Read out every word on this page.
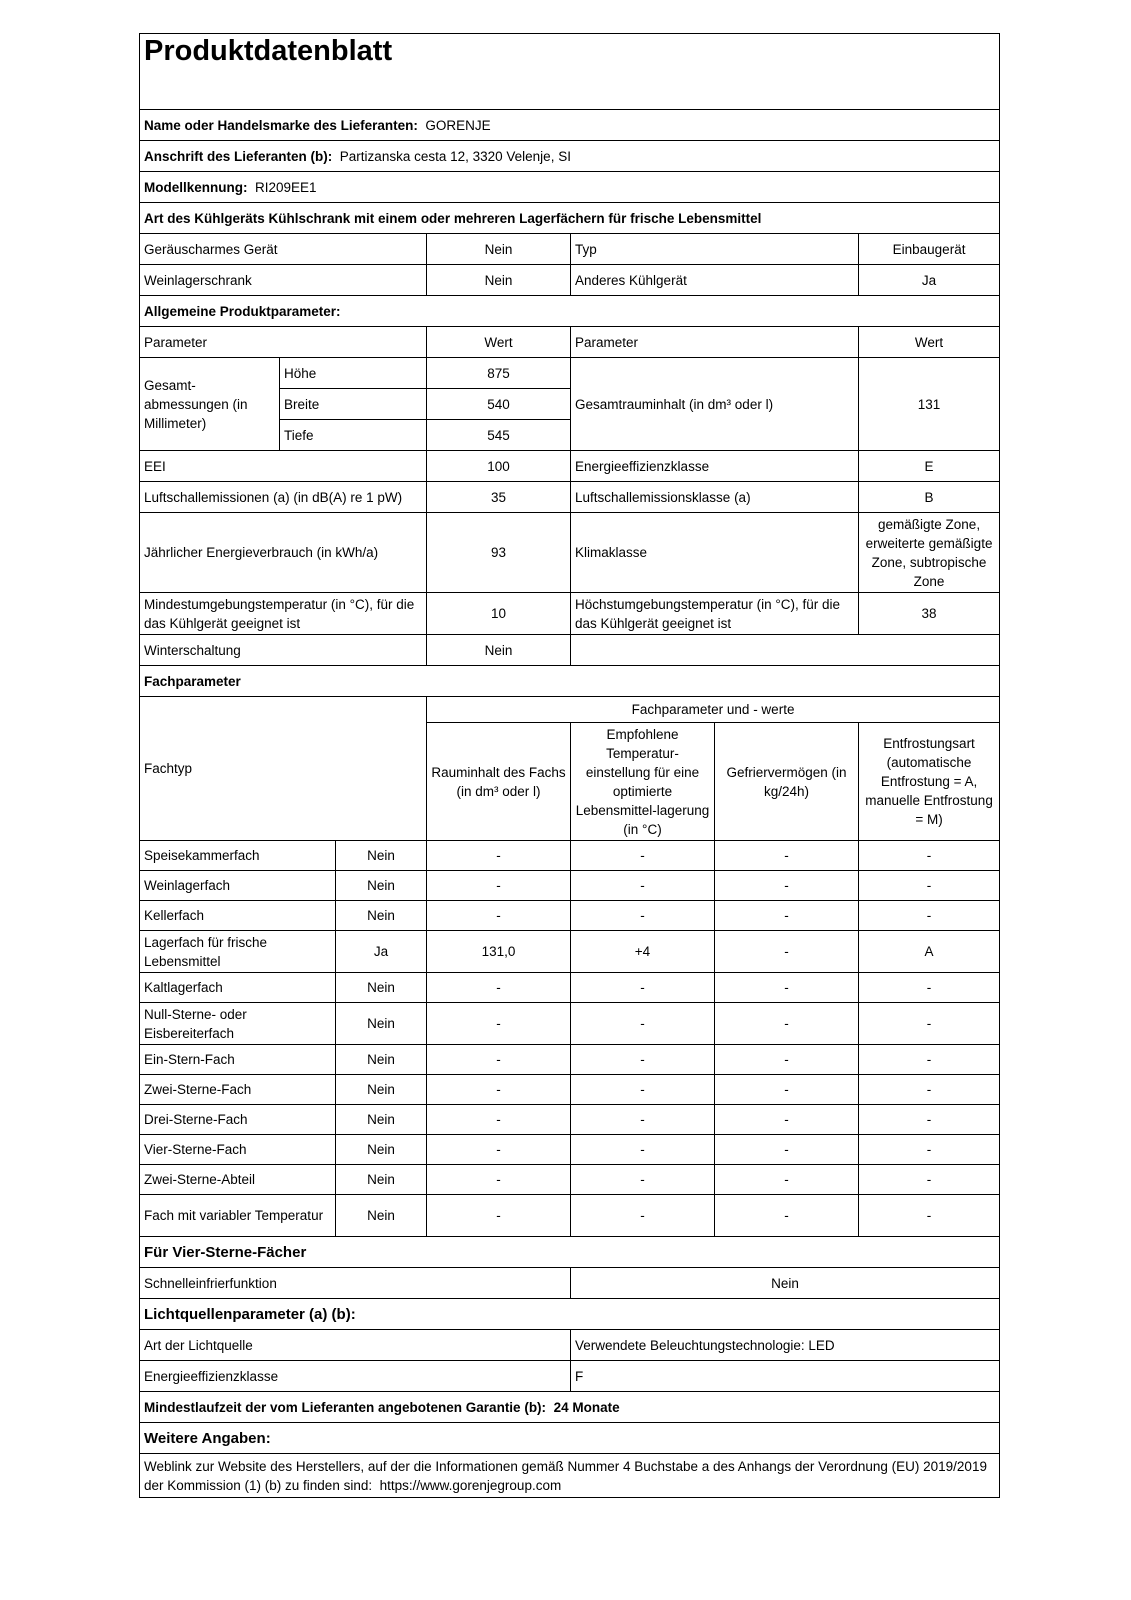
Produktdatenblatt						
Name oder Handelsmarke des Lieferanten: GORENJE						
Anschrift des Lieferanten (b): Partizanska cesta 12, 3320 Velenje, SI						
Modellkennung: RI209EE1						
Art des Kühlgeräts Kühlschrank mit einem oder mehreren Lagerfächern für frische Lebensmittel						
Geräuscharmes Gerät			Nein	Typ		Einbaugerät
Weinlagerschrank			Nein	Anderes Kühlgerät		Ja
Allgemeine Produktparameter:						
Parameter			Wert	Parameter		Wert
Gesamt-abmessungen (in Millimeter)	Höhe		875	Gesamtrauminhalt (in dm³ oder l)		131
	Breite		540			
	Tiefe		545			
EEI			100	Energieeffizienzklasse		E
Luftschallemissionen (a) (in dB(A) re 1 pW)			35	Luftschallemissionsklasse (a)		B
Jährlicher Energieverbrauch (in kWh/a)			93	Klimaklasse		gemäßigte Zone, erweiterte gemäßigte Zone, subtropische Zone
Mindestumgebungstemperatur (in °C), für die das Kühlgerät geeignet ist			10	Höchstumgebungstemperatur (in °C), für die das Kühlgerät geeignet ist		38
Winterschaltung			Nein			
Fachparameter						
Fachtyp			Fachparameter und - werte			
			Rauminhalt des Fachs (in dm³ oder l)	Empfohlene Temperatur-einstellung für eine optimierte Lebensmittel-lagerung (in °C)	Gefriervermögen (in kg/24h)	Entfrostungsart (automatische Entfrostung = A, manuelle Entfrostung = M)
Speisekammerfach		Nein	-	-	-	-
Weinlagerfach		Nein	-	-	-	-
Kellerfach		Nein	-	-	-	-
Lagerfach für frische Lebensmittel		Ja	131,0	+4	-	A
Kaltlagerfach		Nein	-	-	-	-
Null-Sterne- oder Eisbereiterfach		Nein	-	-	-	-
Ein-Stern-Fach		Nein	-	-	-	-
Zwei-Sterne-Fach		Nein	-	-	-	-
Drei-Sterne-Fach		Nein	-	-	-	-
Vier-Sterne-Fach		Nein	-	-	-	-
Zwei-Sterne-Abteil		Nein	-	-	-	-
Fach mit variabler Temperatur		Nein	-	-	-	-
Für Vier-Sterne-Fächer						
Schnelleinfrierfunktion				Nein		
Lichtquellenparameter (a) (b):						
Art der Lichtquelle				Verwendete Beleuchtungstechnologie: LED		
Energieeffizienzklasse				F		
Mindestlaufzeit der vom Lieferanten angebotenen Garantie (b): 24 Monate						
Weitere Angaben:						
Weblink zur Website des Herstellers, auf der die Informationen gemäß Nummer 4 Buchstabe a des Anhangs der Verordnung (EU) 2019/2019 der Kommission (1) (b) zu finden sind: https://www.gorenjegroup.com						
